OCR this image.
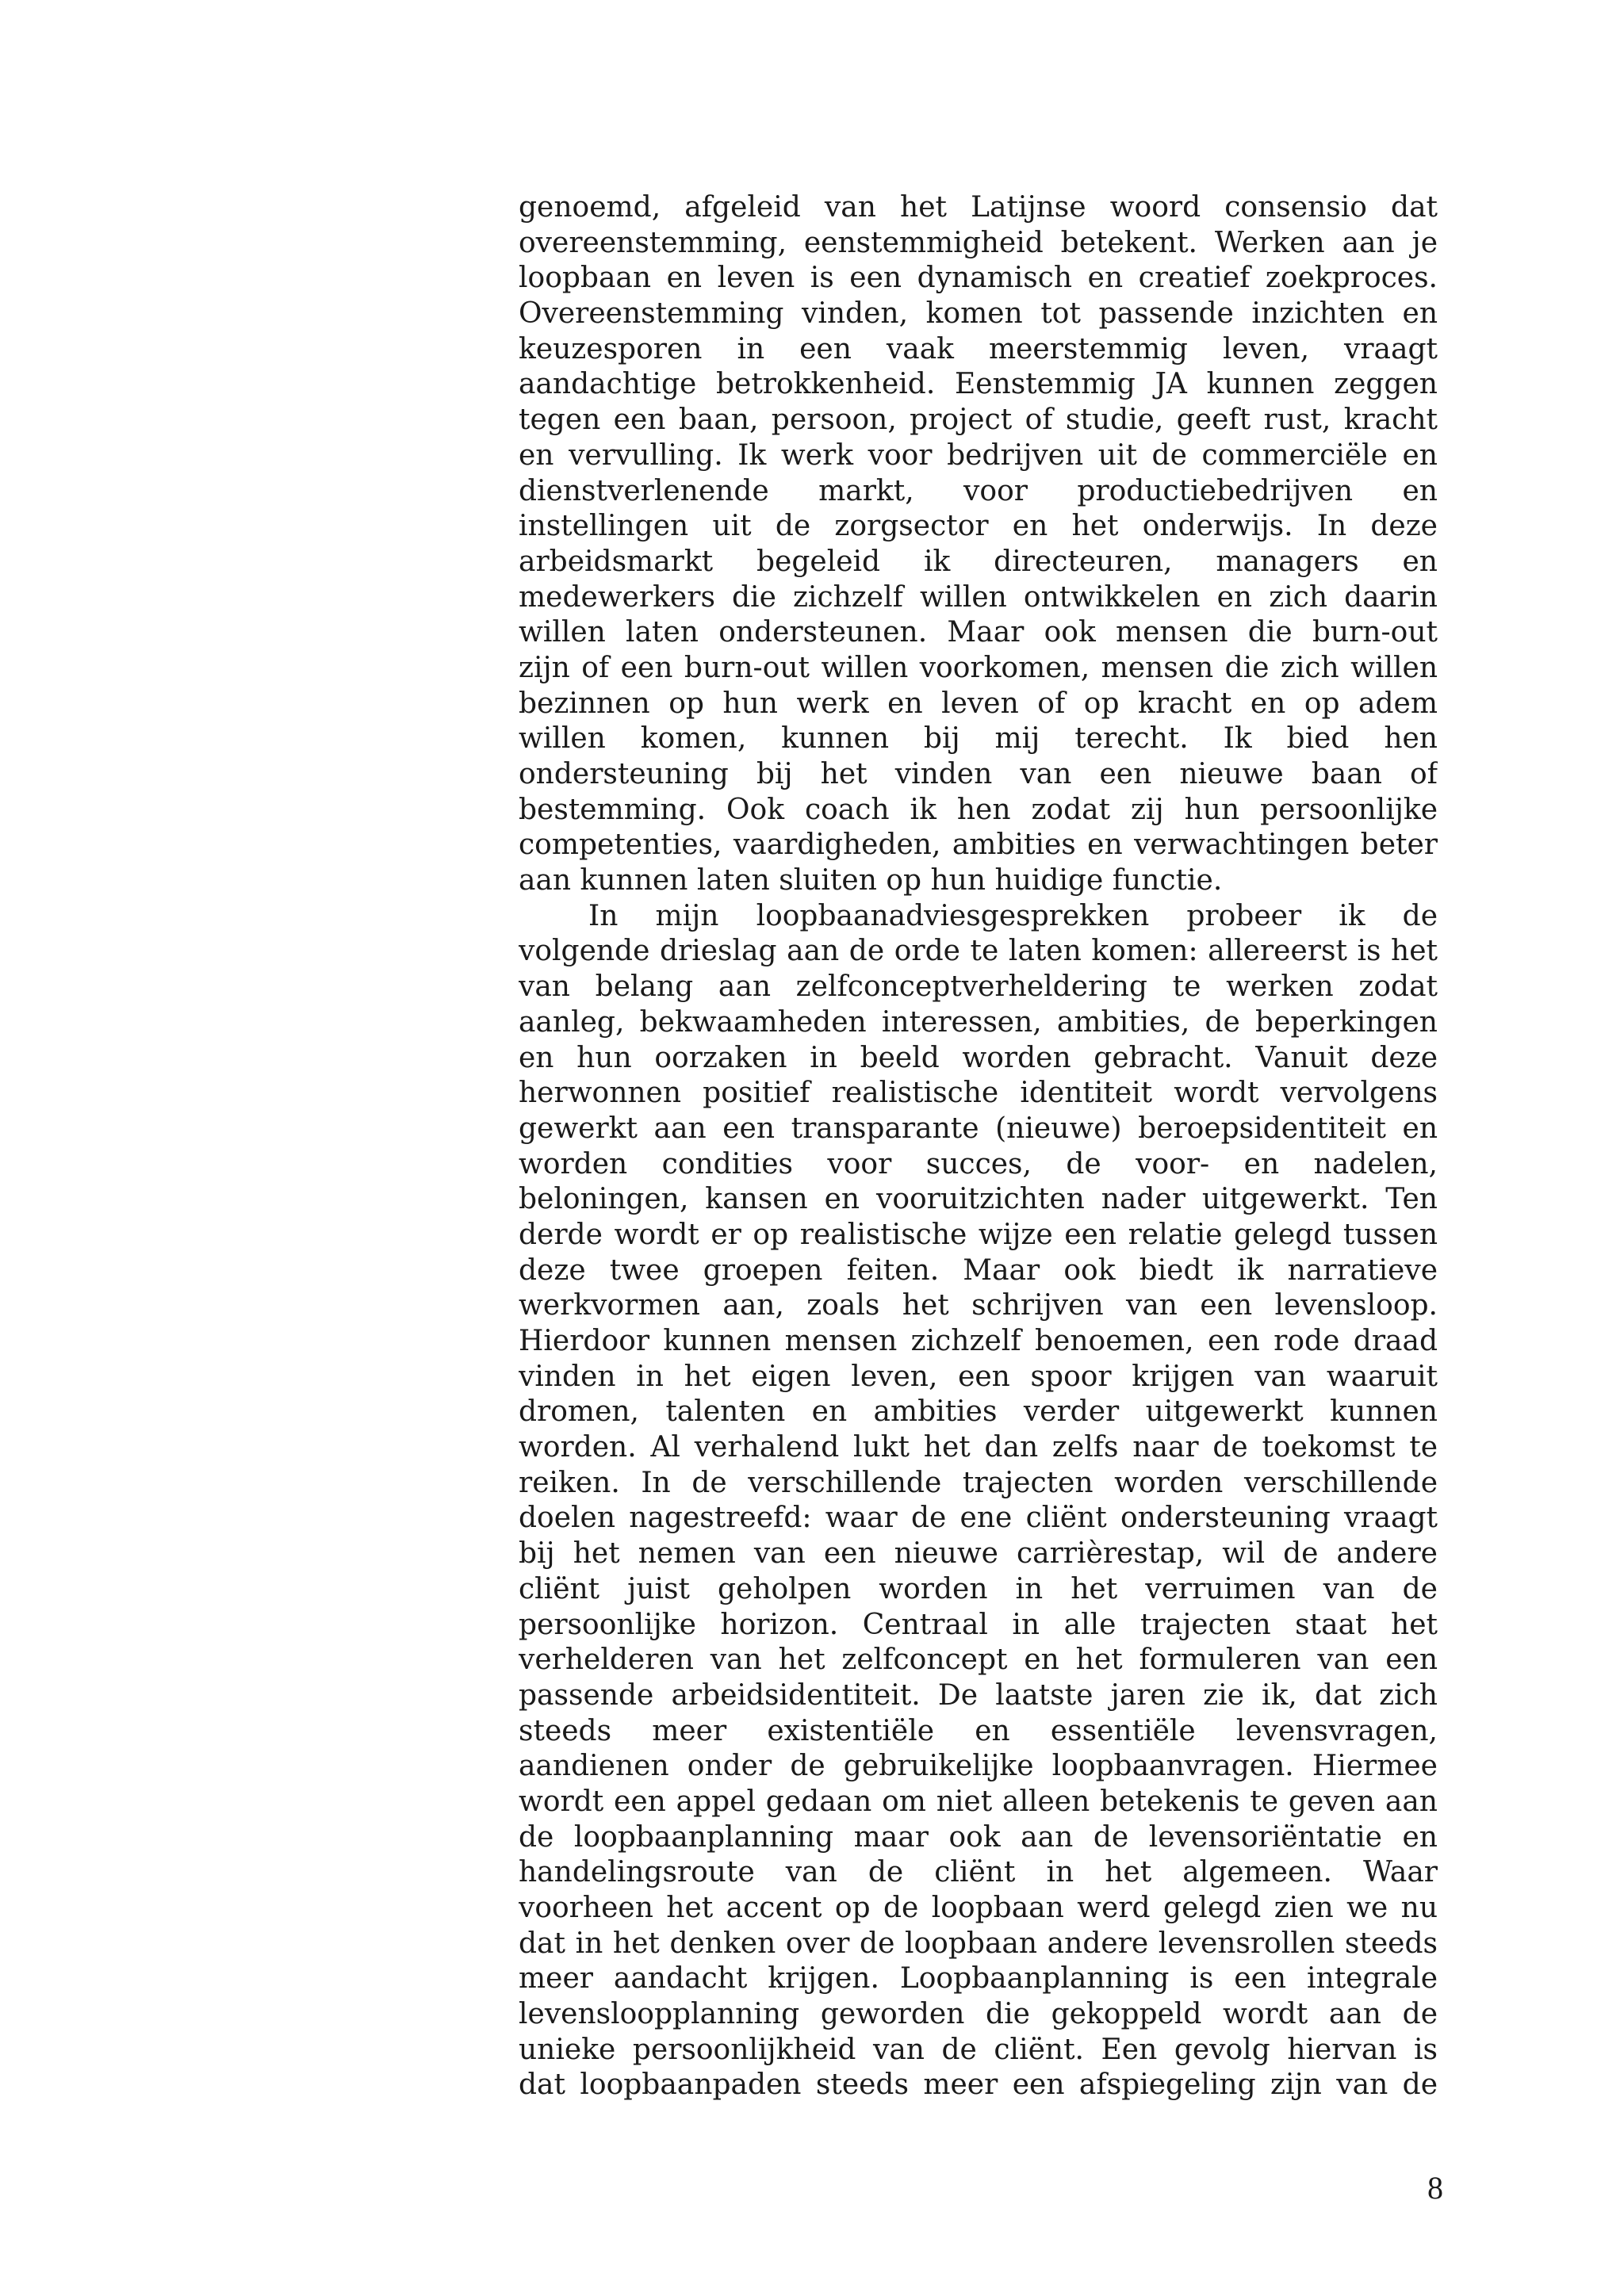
genoemd, afgeleid van het Latijnse woord consensio dat
overeenstemming, eenstemmigheid betekent. Werken aan je
loopbaan en leven is een dynamisch en creatief zoekproces.
Overeenstemming vinden, komen tot passende inzichten en
keuzesporen in een vaak meerstemmig leven, vraagt
aandachtige betrokkenheid. Eenstemmig JA kunnen zeggen
tegen een baan, persoon, project of studie, geeft rust, kracht
en vervulling. Ik werk voor bedrijven uit de commerciële en
dienstverlenende markt, voor productiebedrijven en
instellingen uit de zorgsector en het onderwijs. In deze
arbeidsmarkt begeleid ik directeuren, managers en
medewerkers die zichzelf willen ontwikkelen en zich daarin
willen laten ondersteunen. Maar ook mensen die burn-out
zijn of een burn-out willen voorkomen, mensen die zich willen
bezinnen op hun werk en leven of op kracht en op adem
willen komen, kunnen bij mij terecht. Ik bied hen
ondersteuning bij het vinden van een nieuwe baan of
bestemming. Ook coach ik hen zodat zij hun persoonlijke
competenties, vaardigheden, ambities en verwachtingen beter
aan kunnen laten sluiten op hun huidige functie.
In mijn loopbaanadviesgesprekken probeer ik de
volgende drieslag aan de orde te laten komen: allereerst is het
van belang aan zelfconceptverheldering te werken zodat
aanleg, bekwaamheden interessen, ambities, de beperkingen
en hun oorzaken in beeld worden gebracht. Vanuit deze
herwonnen positief realistische identiteit wordt vervolgens
gewerkt aan een transparante (nieuwe) beroepsidentiteit en
worden condities voor succes, de voor- en nadelen,
beloningen, kansen en vooruitzichten nader uitgewerkt. Ten
derde wordt er op realistische wijze een relatie gelegd tussen
deze twee groepen feiten. Maar ook biedt ik narratieve
werkvormen aan, zoals het schrijven van een levensloop.
Hierdoor kunnen mensen zichzelf benoemen, een rode draad
vinden in het eigen leven, een spoor krijgen van waaruit
dromen, talenten en ambities verder uitgewerkt kunnen
worden. Al verhalend lukt het dan zelfs naar de toekomst te
reiken. In de verschillende trajecten worden verschillende
doelen nagestreefd: waar de ene cliënt ondersteuning vraagt
bij het nemen van een nieuwe carrièrestap, wil de andere
cliënt juist geholpen worden in het verruimen van de
persoonlijke horizon. Centraal in alle trajecten staat het
verhelderen van het zelfconcept en het formuleren van een
passende arbeidsidentiteit. De laatste jaren zie ik, dat zich
steeds meer existentiële en essentiële levensvragen,
aandienen onder de gebruikelijke loopbaanvragen. Hiermee
wordt een appel gedaan om niet alleen betekenis te geven aan
de loopbaanplanning maar ook aan de levensoriëntatie en
handelingsroute van de cliënt in het algemeen. Waar
voorheen het accent op de loopbaan werd gelegd zien we nu
dat in het denken over de loopbaan andere levensrollen steeds
meer aandacht krijgen. Loopbaanplanning is een integrale
levensloopplanning geworden die gekoppeld wordt aan de
unieke persoonlijkheid van de cliënt. Een gevolg hiervan is
dat loopbaanpaden steeds meer een afspiegeling zijn van de
8
